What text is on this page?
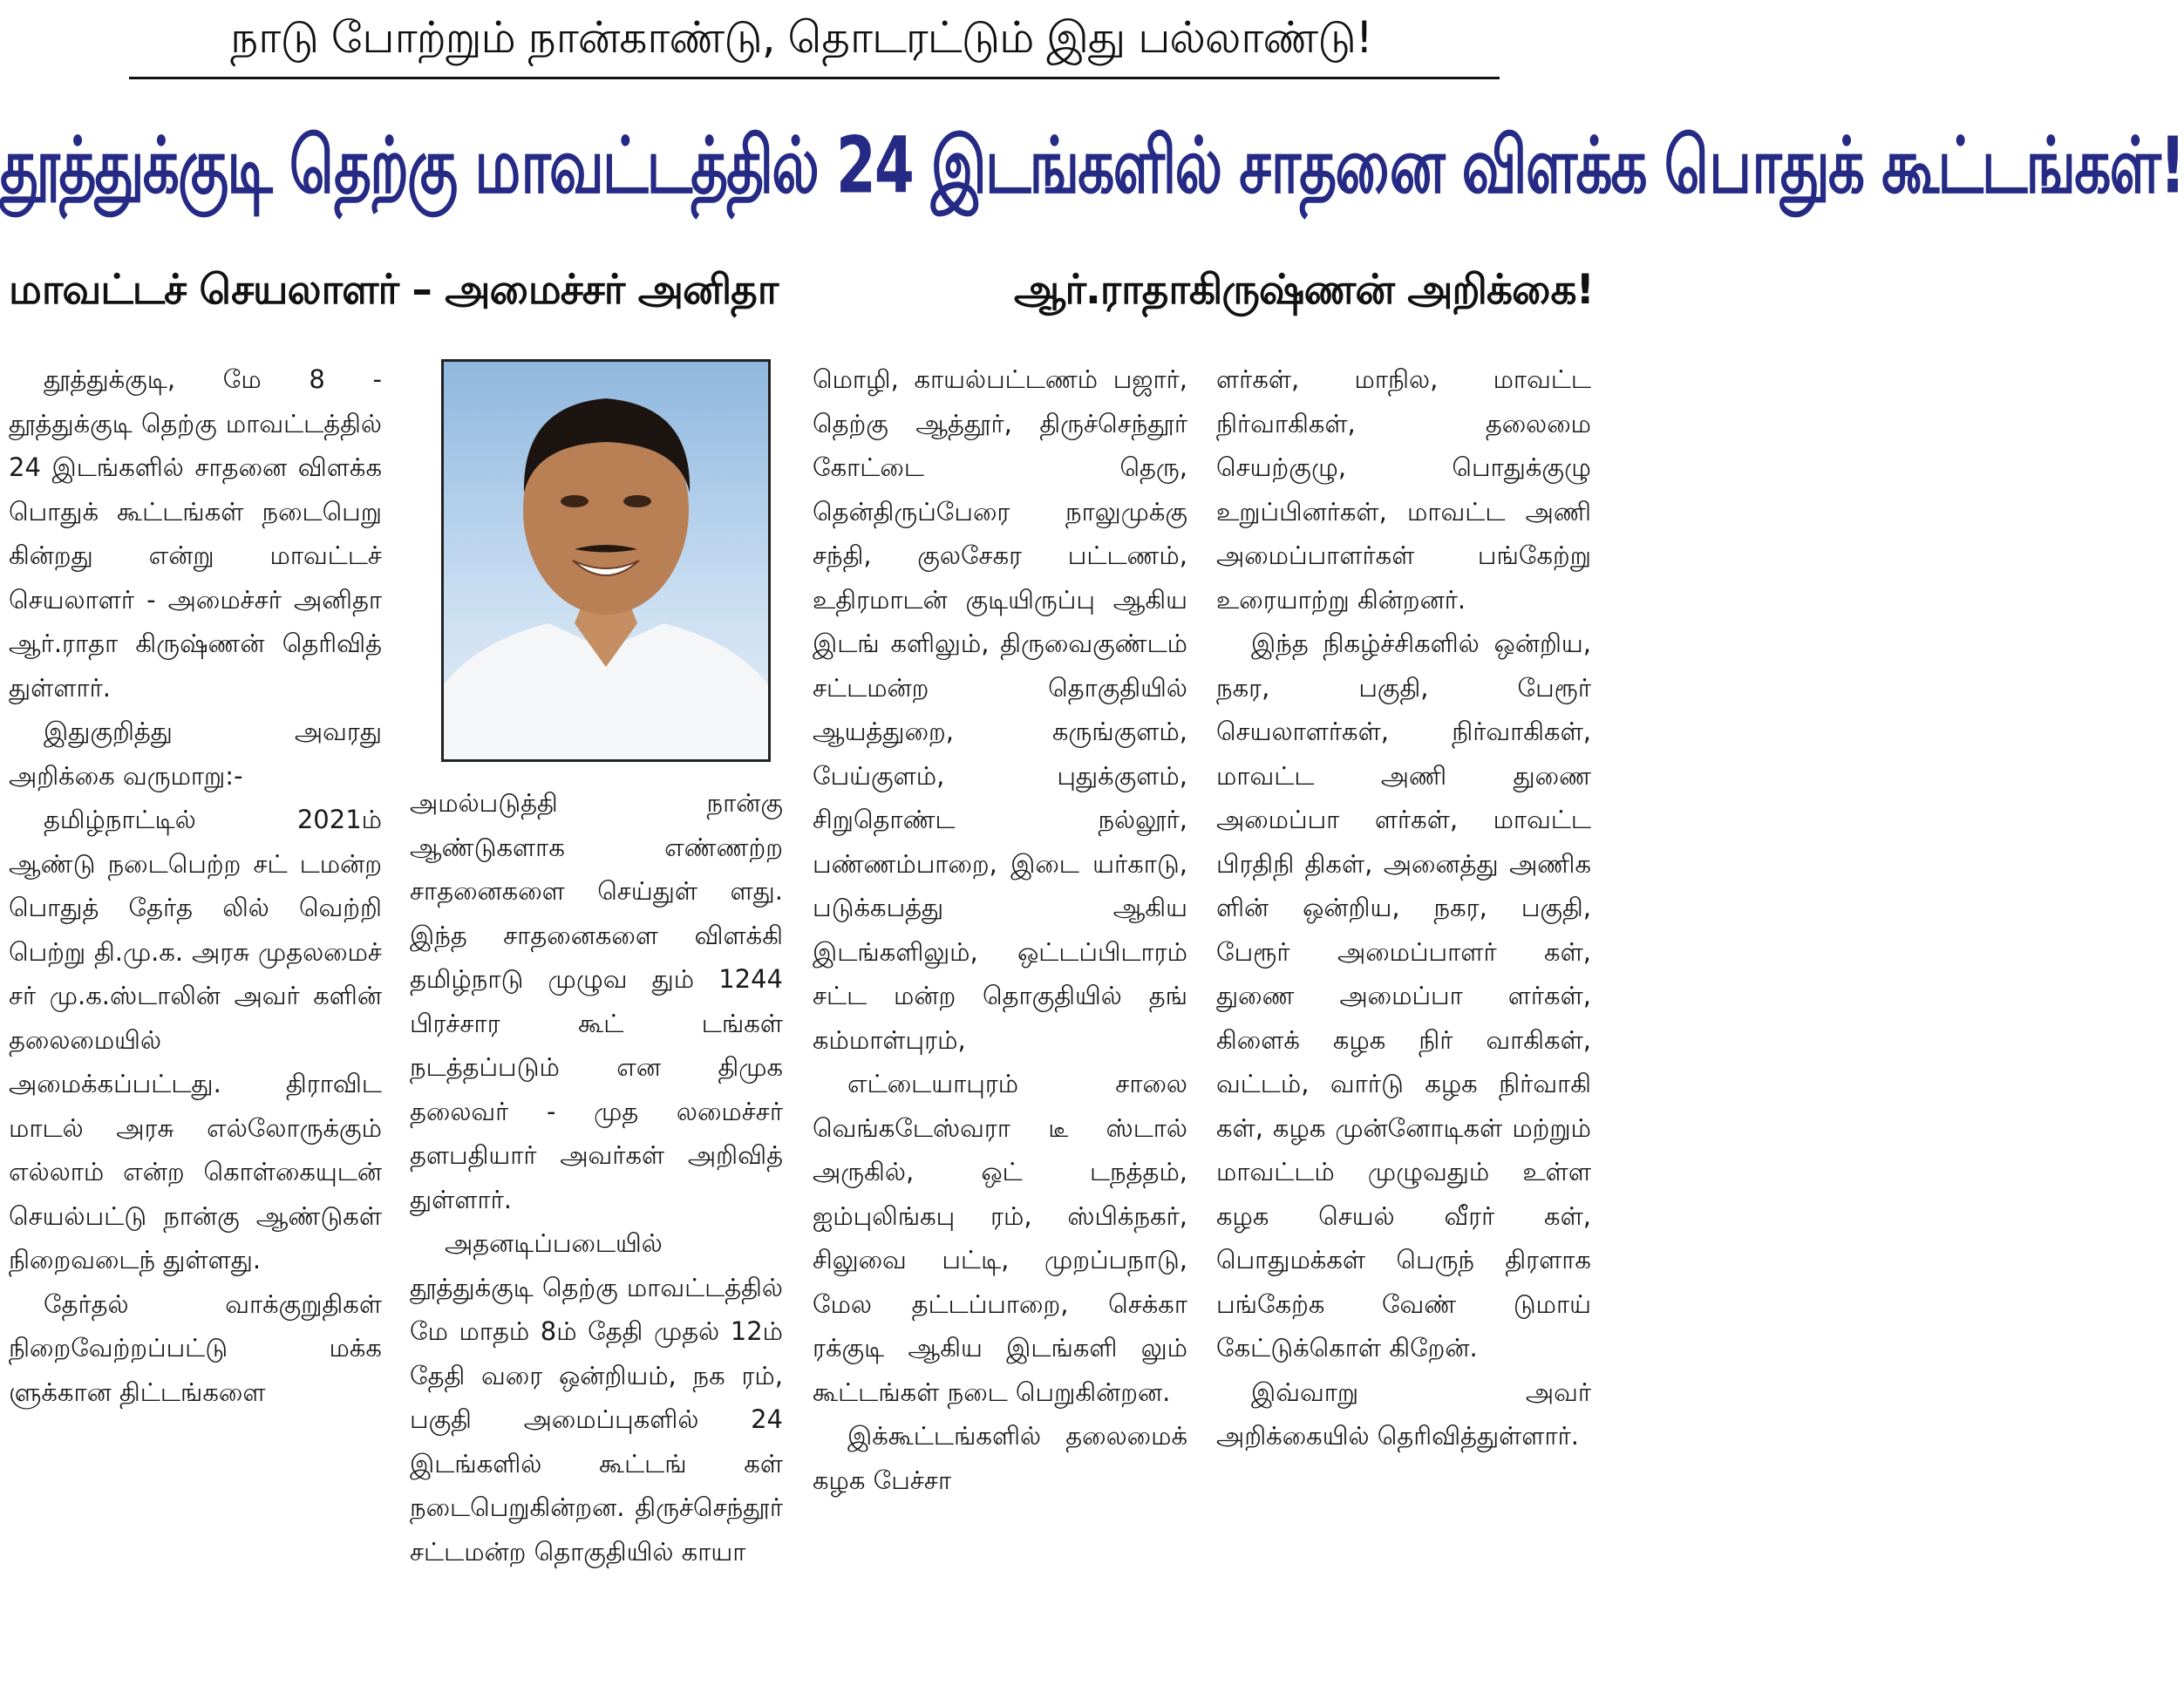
நாடு போற்றும் நான்காண்டு, தொடரட்டும் இது பல்லாண்டு!
தூத்துக்குடி தெற்கு மாவட்டத்தில் 24 இடங்களில் சாதனை விளக்க பொதுக் கூட்டங்கள்!
மாவட்டச் செயலாளர் – அமைச்சர் அனிதா	ஆர்.ராதாகிருஷ்ணன் அறிக்கை!

தூத்துக்குடி, மே 8 - தூத்துக்குடி தெற்கு மாவட்டத்தில் 24 இடங்களில் சாதனை விளக்க பொதுக் கூட்டங்கள் நடைபெறு கின்றது என்று மாவட்டச் செயலாளர் - அமைச்சர் அனிதா ஆர்.ராதா கிருஷ்ணன் தெரிவித் துள்ளார்.

இதுகுறித்து அவரது அறிக்கை வருமாறு:-

தமிழ்நாட்டில் 2021ம் ஆண்டு நடைபெற்ற சட் டமன்ற பொதுத் தேர்த லில் வெற்றி பெற்று தி.மு.க. அரசு முதலமைச் சர் மு.க.ஸ்டாலின் அவர் களின் தலைமையில் அமைக்கப்பட்டது. திராவிட மாடல் அரசு எல்லோருக்கும் எல்லாம் என்ற கொள்கையுடன் செயல்பட்டு நான்கு ஆண்டுகள் நிறைவடைந் துள்ளது.

தேர்தல் வாக்குறுதிகள் நிறைவேற்றப்பட்டு மக்க ளுக்கான திட்டங்களை

அமல்படுத்தி நான்கு ஆண்டுகளாக எண்ணற்ற சாதனைகளை செய்துள் ளது. இந்த சாதனைகளை விளக்கி தமிழ்நாடு முழுவ தும் 1244 பிரச்சார கூட் டங்கள் நடத்தப்படும் என திமுக தலைவர் - முத லமைச்சர் தளபதியார் அவர்கள் அறிவித் துள்ளார்.

அதனடிப்படையில் தூத்துக்குடி தெற்கு மாவட்டத்தில் மே மாதம் 8ம் தேதி முதல் 12ம் தேதி வரை ஒன்றியம், நக ரம், பகுதி அமைப்புகளில் 24 இடங்களில் கூட்டங் கள் நடைபெறுகின்றன. திருச்செந்தூர் சட்டமன்ற தொகுதியில் காயா

மொழி, காயல்பட்டணம் பஜார், தெற்கு ஆத்தூர், திருச்செந்தூர் கோட்டை தெரு, தென்திருப்பேரை நாலுமுக்கு சந்தி, குலசேகர பட்டணம், உதிரமாடன் குடியிருப்பு ஆகிய இடங் களிலும், திருவைகுண்டம் சட்டமன்ற தொகுதியில் ஆயத்துறை, கருங்குளம், பேய்குளம், புதுக்குளம், சிறுதொண்ட நல்லூர், பண்ணம்பாறை, இடை யர்காடு, படுக்கபத்து ஆகிய இடங்களிலும், ஒட்டப்பிடாரம் சட்ட மன்ற தொகுதியில் தங் கம்மாள்புரம்,

எட்டையாபுரம் சாலை வெங்கடேஸ்வரா டீ ஸ்டால் அருகில், ஒட் டநத்தம், ஐம்புலிங்கபு ரம், ஸ்பிக்நகர், சிலுவை பட்டி, முறப்பநாடு, மேல தட்டப்பாறை, செக்கா ரக்குடி ஆகிய இடங்களி லும் கூட்டங்கள் நடை பெறுகின்றன.

இக்கூட்டங்களில் தலைமைக் கழக பேச்சா

ளர்கள், மாநில, மாவட்ட நிர்வாகிகள், தலைமை செயற்குழு, பொதுக்குழு உறுப்பினர்கள், மாவட்ட அணி அமைப்பாளர்கள் பங்கேற்று உரையாற்று கின்றனர்.

இந்த நிகழ்ச்சிகளில் ஒன்றிய, நகர, பகுதி, பேரூர் செயலாளர்கள், நிர்வாகிகள், மாவட்ட அணி துணை அமைப்பா ளர்கள், மாவட்ட பிரதிநி திகள், அனைத்து அணிக ளின் ஒன்றிய, நகர, பகுதி, பேரூர் அமைப்பாளர் கள், துணை அமைப்பா ளர்கள், கிளைக் கழக நிர் வாகிகள், வட்டம், வார்டு கழக நிர்வாகி கள், கழக முன்னோடிகள் மற்றும் மாவட்டம் முழுவதும் உள்ள கழக செயல் வீரர் கள், பொதுமக்கள் பெருந் திரளாக பங்கேற்க வேண் டுமாய் கேட்டுக்கொள் கிறேன்.

இவ்வாறு அவர் அறிக்கையில் தெரிவித்துள்ளார்.
